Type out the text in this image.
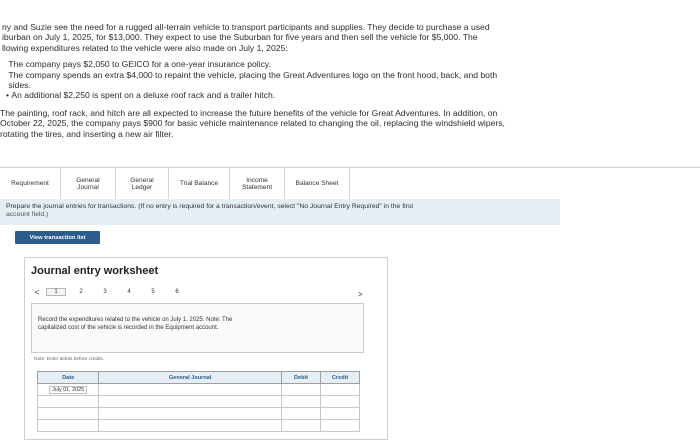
ny and Suzie see the need for a rugged all-terrain vehicle to transport participants and supplies. They decide to purchase a used
iburban on July 1, 2025, for $13,000. They expect to use the Suburban for five years and then sell the vehicle for $5,000. The
llowing expenditures related to the vehicle were also made on July 1, 2025:

The company pays $2,050 to GEICO for a one-year insurance policy.

The company spends an extra $4,000 to repaint the vehicle, placing the Great Adventures logo on the front hood, back, and both

sides.

• An additional $2,250 is spent on a deluxe roof rack and a trailer hitch.

The painting, roof rack, and hitch are all expected to increase the future benefits of the vehicle for Great Adventures. In addition, on
October 22, 2025, the company pays $900 for basic vehicle maintenance related to changing the oil, replacing the windshield wipers,
rotating the tires, and inserting a new air filter.

Requirement
General
Journal
General
Ledger
Trial Balance
Income
Statement
Balance Sheet
Prepare the journal entries for transactions. (If no entry is required for a transaction/event, select "No Journal Entry Required" in the first
account field.)
View transaction list
Journal entry worksheet
<	1	2	3	4	5	6	>
Record the expenditures related to the vehicle on July 1, 2025. Note: The
capitalized cost of the vehicle is recorded in the Equipment account.
Note: Enter debits before credits.
Date	General Journal	Debit	Credit
July 01, 2025			
